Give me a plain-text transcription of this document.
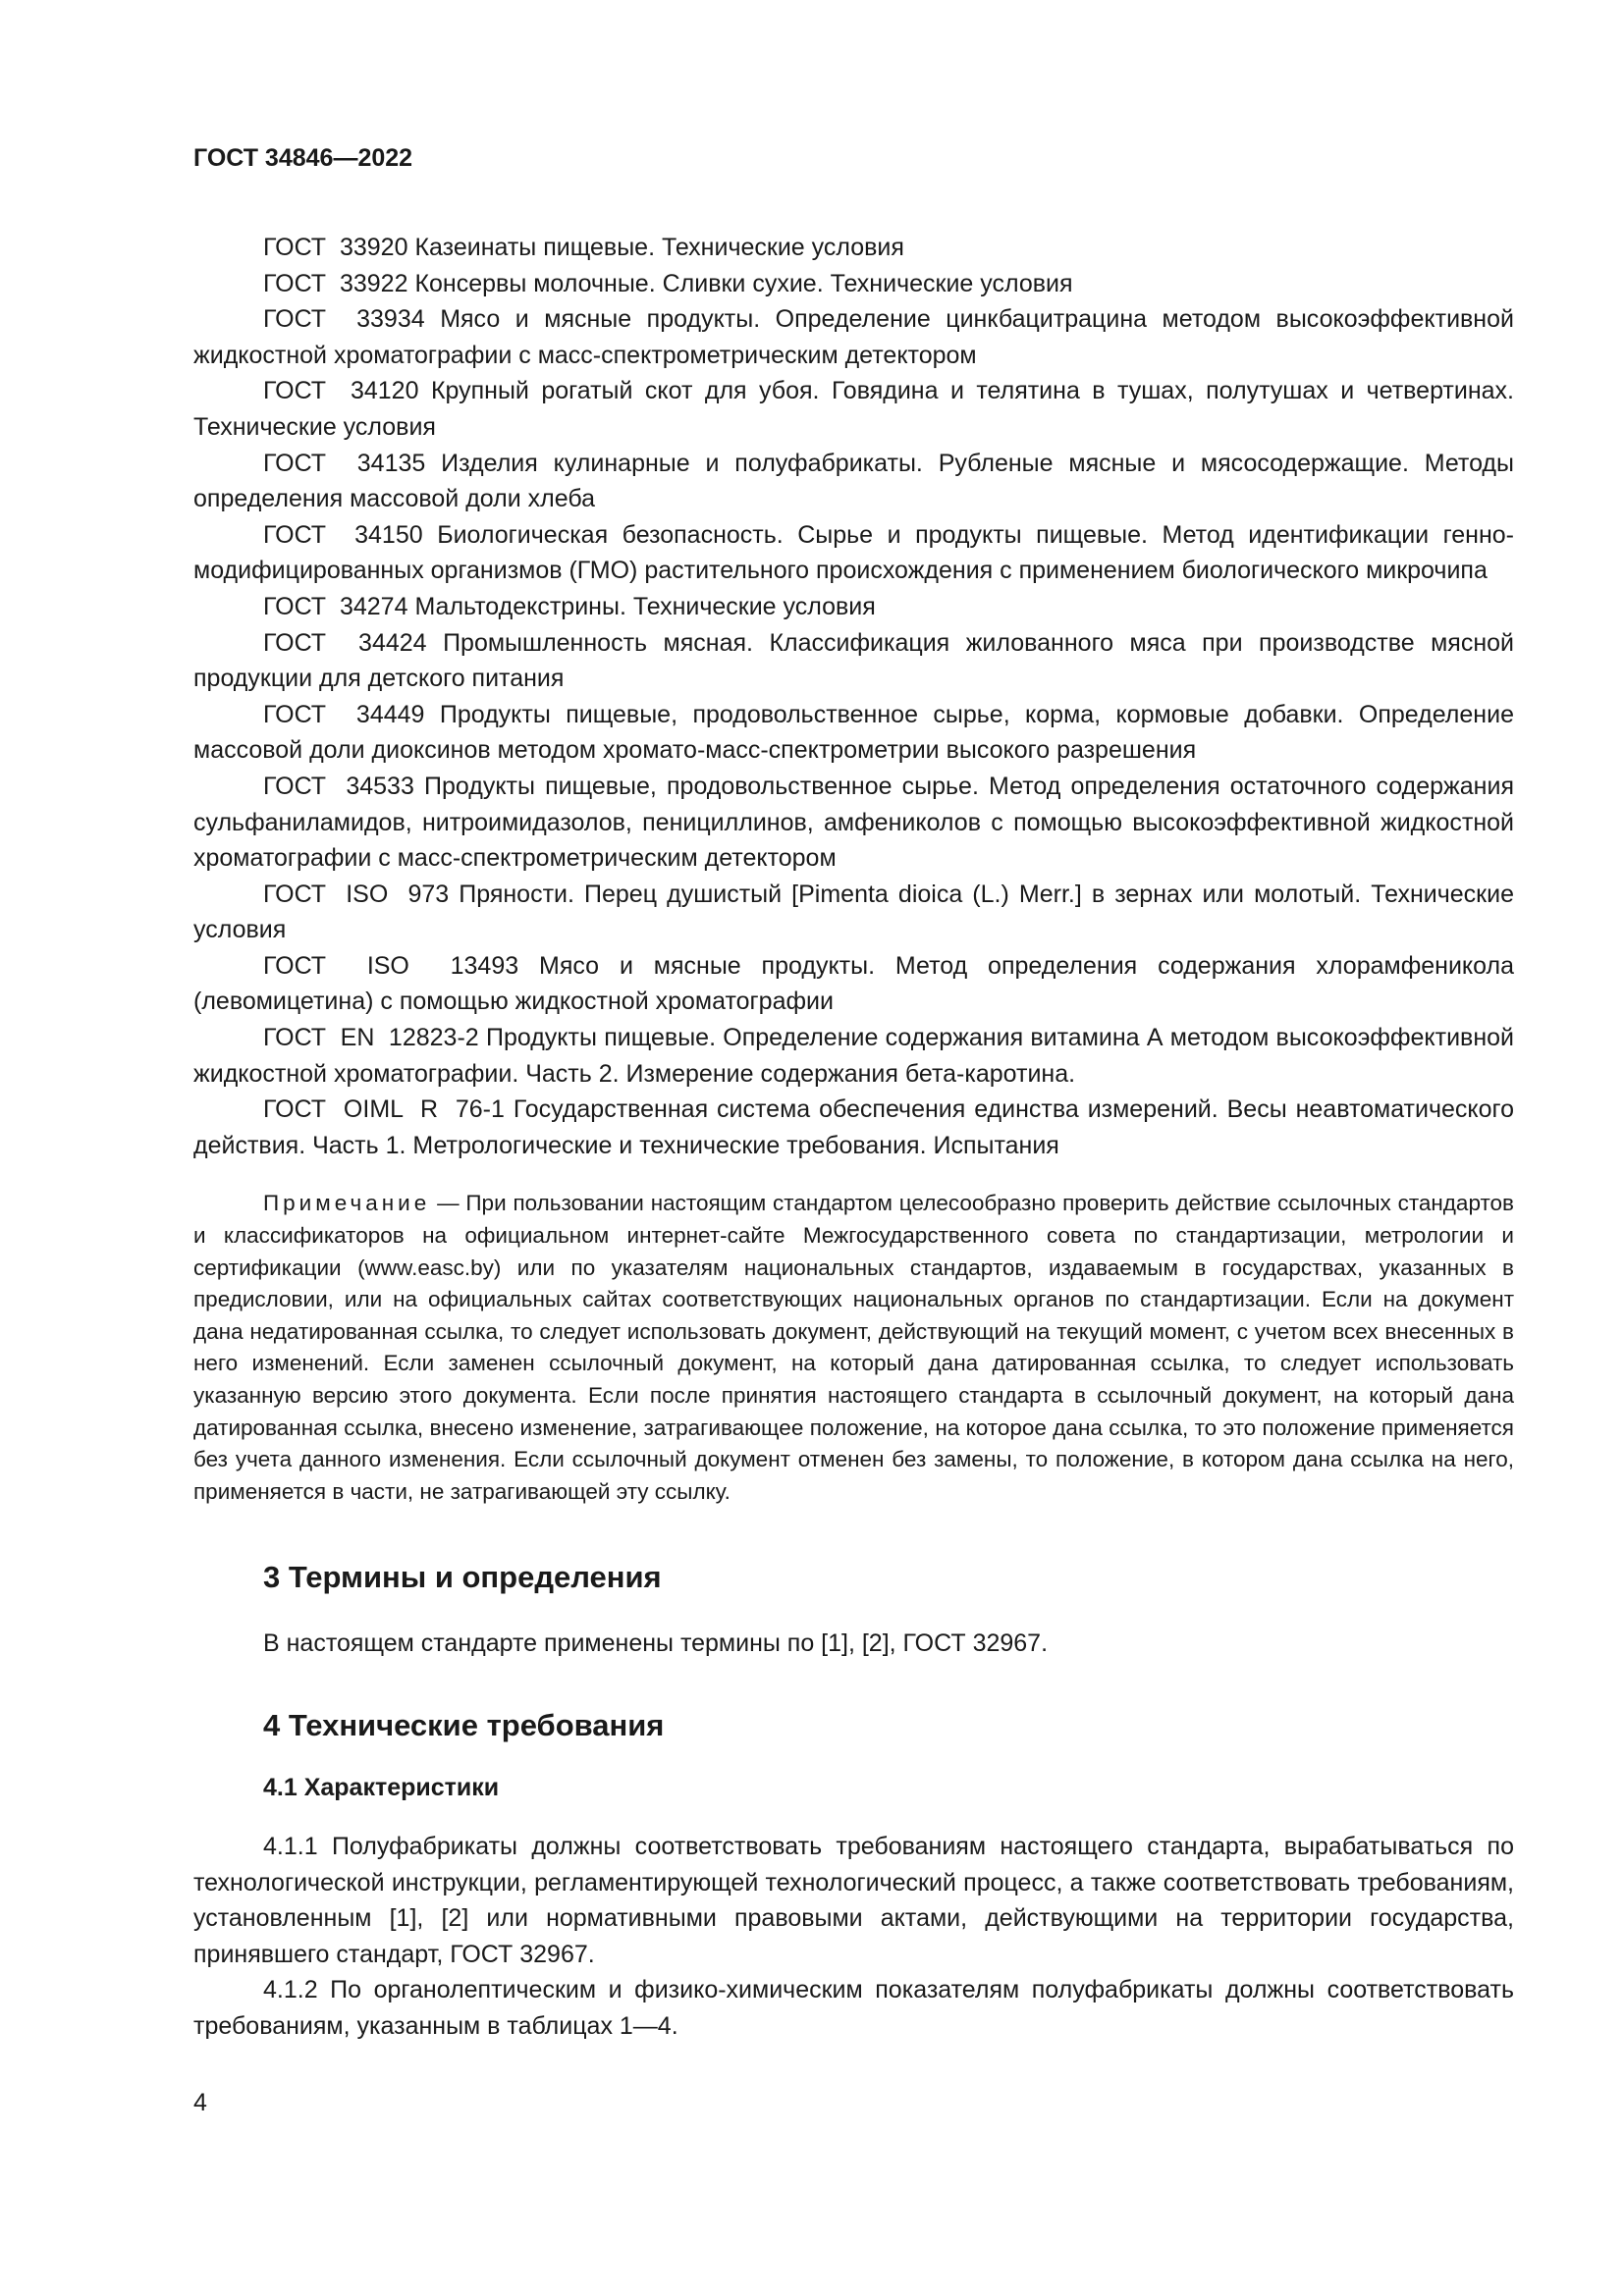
ГОСТ 34846—2022

ГОСТ  33920 Казеинаты пищевые. Технические условия

ГОСТ  33922 Консервы молочные. Сливки сухие. Технические условия

ГОСТ  33934 Мясо и мясные продукты. Определение цинкбацитрацина методом высокоэффективной жидкостной хроматографии с масс-спектрометрическим детектором

ГОСТ  34120 Крупный рогатый скот для убоя. Говядина и телятина в тушах, полутушах и четвертинах. Технические условия

ГОСТ  34135 Изделия кулинарные и полуфабрикаты. Рубленые мясные и мясосодержащие. Методы определения массовой доли хлеба

ГОСТ  34150 Биологическая безопасность. Сырье и продукты пищевые. Метод идентификации генно-модифицированных организмов (ГМО) растительного происхождения с применением биологического микрочипа

ГОСТ  34274 Мальтодекстрины. Технические условия

ГОСТ  34424 Промышленность мясная. Классификация жилованного мяса при производстве мясной продукции для детского питания

ГОСТ  34449 Продукты пищевые, продовольственное сырье, корма, кормовые добавки. Определение массовой доли диоксинов методом хромато-масс-спектрометрии высокого разрешения

ГОСТ  34533 Продукты пищевые, продовольственное сырье. Метод определения остаточного содержания сульфаниламидов, нитроимидазолов, пенициллинов, амфениколов с помощью высокоэффективной жидкостной хроматографии с масс-спектрометрическим детектором

ГОСТ  ISO  973 Пряности. Перец душистый [Pimenta dioica (L.) Merr.] в зернах или молотый. Технические условия

ГОСТ  ISO  13493 Мясо и мясные продукты. Метод определения содержания хлорамфеникола (левомицетина) с помощью жидкостной хроматографии

ГОСТ  EN  12823-2 Продукты пищевые. Определение содержания витамина А методом высокоэффективной жидкостной хроматографии. Часть 2. Измерение содержания бета-каротина.

ГОСТ  OIML  R  76-1 Государственная система обеспечения единства измерений. Весы неавтоматического действия. Часть 1. Метрологические и технические требования. Испытания

Примечание — При пользовании настоящим стандартом целесообразно проверить действие ссылочных стандартов и классификаторов на официальном интернет-сайте Межгосударственного совета по стандартизации, метрологии и сертификации (www.easc.by) или по указателям национальных стандартов, издаваемым в государствах, указанных в предисловии, или на официальных сайтах соответствующих национальных органов по стандартизации. Если на документ дана недатированная ссылка, то следует использовать документ, действующий на текущий момент, с учетом всех внесенных в него изменений. Если заменен ссылочный документ, на который дана датированная ссылка, то следует использовать указанную версию этого документа. Если после принятия настоящего стандарта в ссылочный документ, на который дана датированная ссылка, внесено изменение, затрагивающее положение, на которое дана ссылка, то это положение применяется без учета данного изменения. Если ссылочный документ отменен без замены, то положение, в котором дана ссылка на него, применяется в части, не затрагивающей эту ссылку.

3 Термины и определения

В настоящем стандарте применены термины по [1], [2], ГОСТ 32967.

4 Технические требования
4.1 Характеристики

4.1.1 Полуфабрикаты должны соответствовать требованиям настоящего стандарта, вырабатываться по технологической инструкции, регламентирующей технологический процесс, а также соответствовать требованиям, установленным [1], [2] или нормативными правовыми актами, действующими на территории государства, принявшего стандарт, ГОСТ 32967.

4.1.2 По органолептическим и физико-химическим показателям полуфабрикаты должны соответствовать требованиям, указанным в таблицах 1—4.

4
